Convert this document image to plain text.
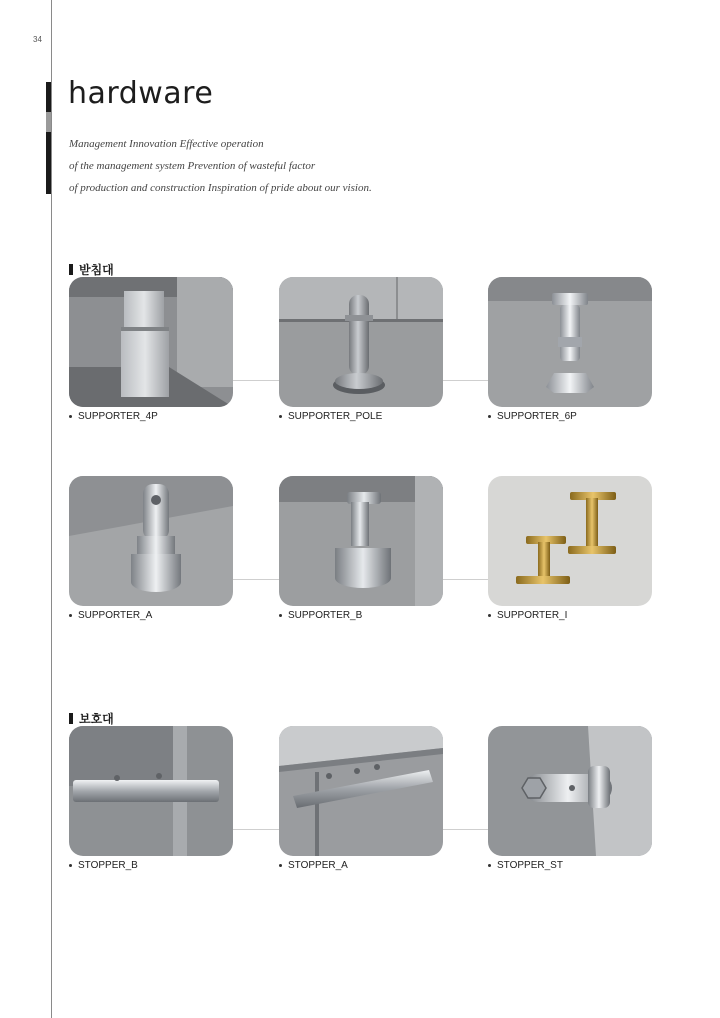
34
hardware
Management Innovation Effective operation
of the management system Prevention of wasteful factor
of production and construction Inspiration of pride about our vision.
받침대
SUPPORTER_4P	SUPPORTER_POLE	SUPPORTER_6P
SUPPORTER_A	SUPPORTER_B	SUPPORTER_I
보호대
STOPPER_B	STOPPER_A	STOPPER_ST
